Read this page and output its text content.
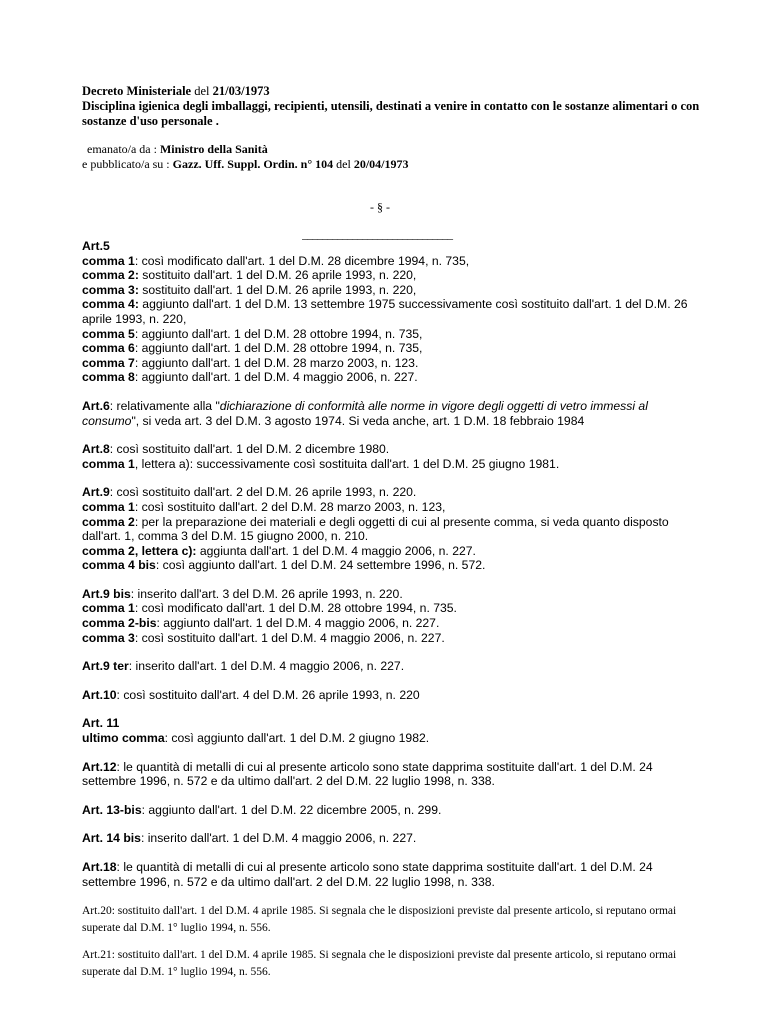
Decreto Ministeriale del 21/03/1973
Disciplina igienica degli imballaggi, recipienti, utensili, destinati a venire in contatto con le sostanze alimentari o con sostanze d'uso personale .
emanato/a da : Ministro della Sanità
e pubblicato/a su : Gazz. Uff. Suppl. Ordin. n° 104 del 20/04/1973
- § -
______________________________

Art.5

comma 1: così modificato dall'art. 1 del D.M. 28 dicembre 1994, n. 735,

comma 2: sostituito dall'art. 1 del D.M. 26 aprile 1993, n. 220,

comma 3: sostituito dall'art. 1 del D.M. 26 aprile 1993, n. 220,

comma 4: aggiunto dall'art. 1 del D.M. 13 settembre 1975 successivamente così sostituito dall'art. 1 del D.M. 26 aprile 1993, n. 220,

comma 5: aggiunto dall'art. 1 del D.M. 28 ottobre 1994, n. 735,

comma 6: aggiunto dall'art. 1 del D.M. 28 ottobre 1994, n. 735,

comma 7: aggiunto dall'art. 1 del D.M. 28 marzo 2003, n. 123.

comma 8: aggiunto dall'art. 1 del D.M. 4 maggio 2006, n. 227.

Art.6: relativamente alla "dichiarazione di conformità alle norme in vigore degli oggetti di vetro immessi al consumo", si veda art. 3 del D.M. 3 agosto 1974. Si veda anche, art. 1 D.M. 18 febbraio 1984

Art.8: così sostituito dall'art. 1 del D.M. 2 dicembre 1980.

comma 1, lettera a): successivamente così sostituita dall'art. 1 del D.M. 25 giugno 1981.

Art.9: così sostituito dall'art. 2 del D.M. 26 aprile 1993, n. 220.

comma 1: così sostituito dall'art. 2 del D.M. 28 marzo 2003, n. 123,

comma 2: per la preparazione dei materiali e degli oggetti di cui al presente comma, si veda quanto disposto dall'art. 1, comma 3 del D.M. 15 giugno 2000, n. 210.

comma 2, lettera c): aggiunta dall'art. 1 del D.M. 4 maggio 2006, n. 227.

comma 4 bis: così aggiunto dall'art. 1 del D.M. 24 settembre 1996, n. 572.

Art.9 bis: inserito dall'art. 3 del D.M. 26 aprile 1993, n. 220.

comma 1: così modificato dall'art. 1 del D.M. 28 ottobre 1994, n. 735.

comma 2-bis: aggiunto dall'art. 1 del D.M. 4 maggio 2006, n. 227.

comma 3: così sostituito dall'art. 1 del D.M. 4 maggio 2006, n. 227.

Art.9 ter: inserito dall'art. 1 del D.M. 4 maggio 2006, n. 227.

Art.10: così sostituito dall'art. 4 del D.M. 26 aprile 1993, n. 220

Art. 11

ultimo comma: così aggiunto dall'art. 1 del D.M. 2 giugno 1982.

Art.12: le quantità di metalli di cui al presente articolo sono state dapprima sostituite dall'art. 1 del D.M. 24 settembre 1996, n. 572 e da ultimo dall'art. 2 del D.M. 22 luglio 1998, n. 338.

Art. 13-bis: aggiunto dall'art. 1 del D.M. 22 dicembre 2005, n. 299.

Art. 14 bis: inserito dall'art. 1 del D.M. 4 maggio 2006, n. 227.

Art.18: le quantità di metalli di cui al presente articolo sono state dapprima sostituite dall'art. 1 del D.M. 24 settembre 1996, n. 572 e da ultimo dall'art. 2 del D.M. 22 luglio 1998, n. 338.

Art.20: sostituito dall'art. 1 del D.M. 4 aprile 1985. Si segnala che le disposizioni previste dal presente articolo, si reputano ormai superate dal D.M. 1° luglio 1994, n. 556.

Art.21: sostituito dall'art. 1 del D.M. 4 aprile 1985. Si segnala che le disposizioni previste dal presente articolo, si reputano ormai superate dal D.M. 1° luglio 1994, n. 556.
